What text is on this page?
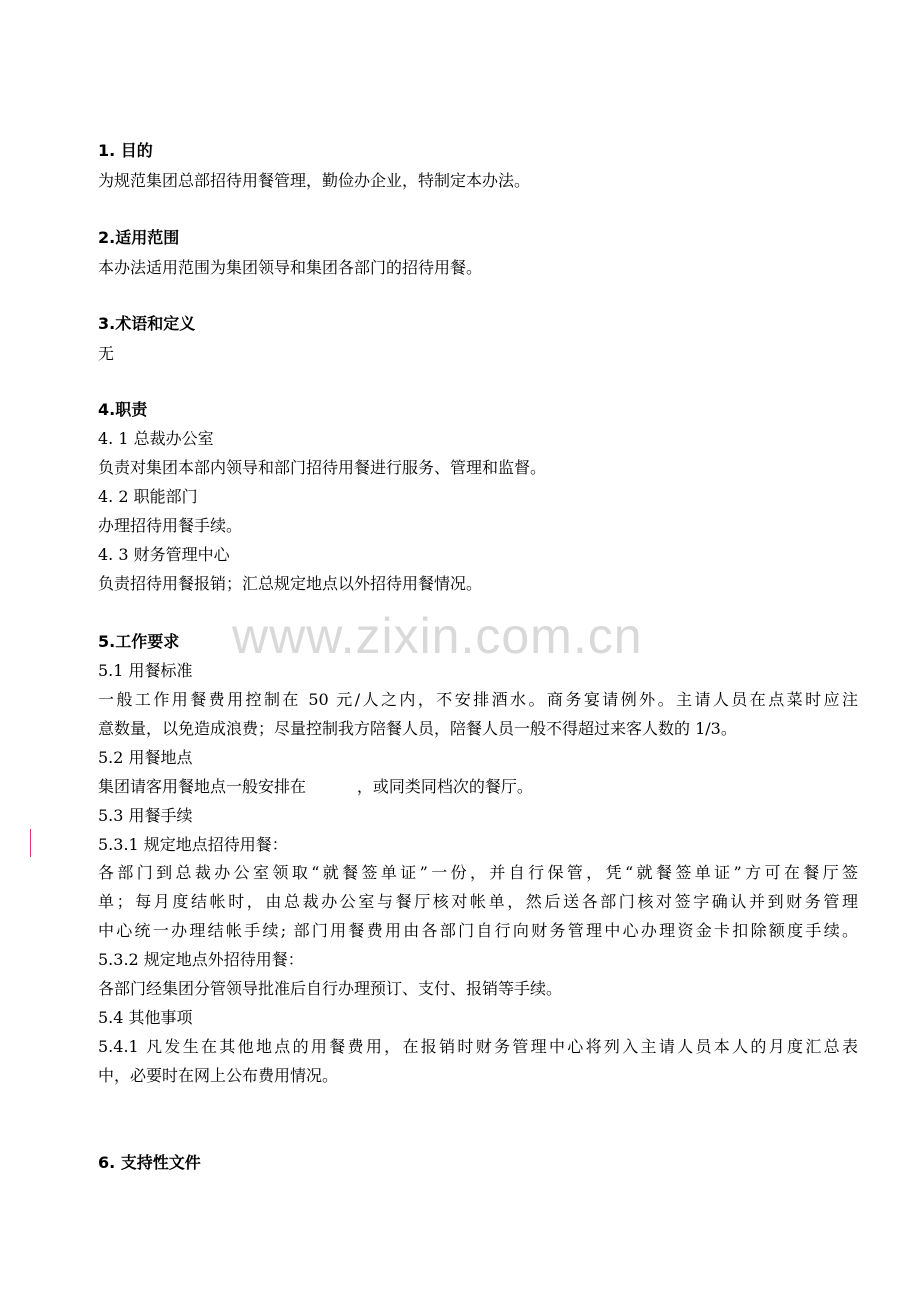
1. 目的
为规范集团总部招待用餐管理，勤俭办企业，特制定本办法。
2.适用范围
本办法适用范围为集团领导和集团各部门的招待用餐。
3.术语和定义
无
4.职责
4. 1 总裁办公室
负责对集团本部内领导和部门招待用餐进行服务、管理和监督。
4. 2 职能部门
办理招待用餐手续。
4. 3 财务管理中心
负责招待用餐报销；汇总规定地点以外招待用餐情况。
www.zixin.com.cn
5.工作要求
5.1 用餐标准
一般工作用餐费用控制在 50 元/人之内，不安排酒水。商务宴请例外。主请人员在点菜时应注
意数量，以免造成浪费；尽量控制我方陪餐人员，陪餐人员一般不得超过来客人数的 1/3。
5.2 用餐地点
集团请客用餐地点一般安排在          ，或同类同档次的餐厅。
5.3 用餐手续
5.3.1 规定地点招待用餐：
各部门到总裁办公室领取“就餐签单证”一份，并自行保管，凭“就餐签单证”方可在餐厅签
单；每月度结帐时，由总裁办公室与餐厅核对帐单，然后送各部门核对签字确认并到财务管理
中心统一办理结帐手续; 部门用餐费用由各部门自行向财务管理中心办理资金卡扣除额度手续。
5.3.2 规定地点外招待用餐：
各部门经集团分管领导批准后自行办理预订、支付、报销等手续。
5.4 其他事项
5.4.1 凡发生在其他地点的用餐费用，在报销时财务管理中心将列入主请人员本人的月度汇总表
中，必要时在网上公布费用情况。
6. 支持性文件
